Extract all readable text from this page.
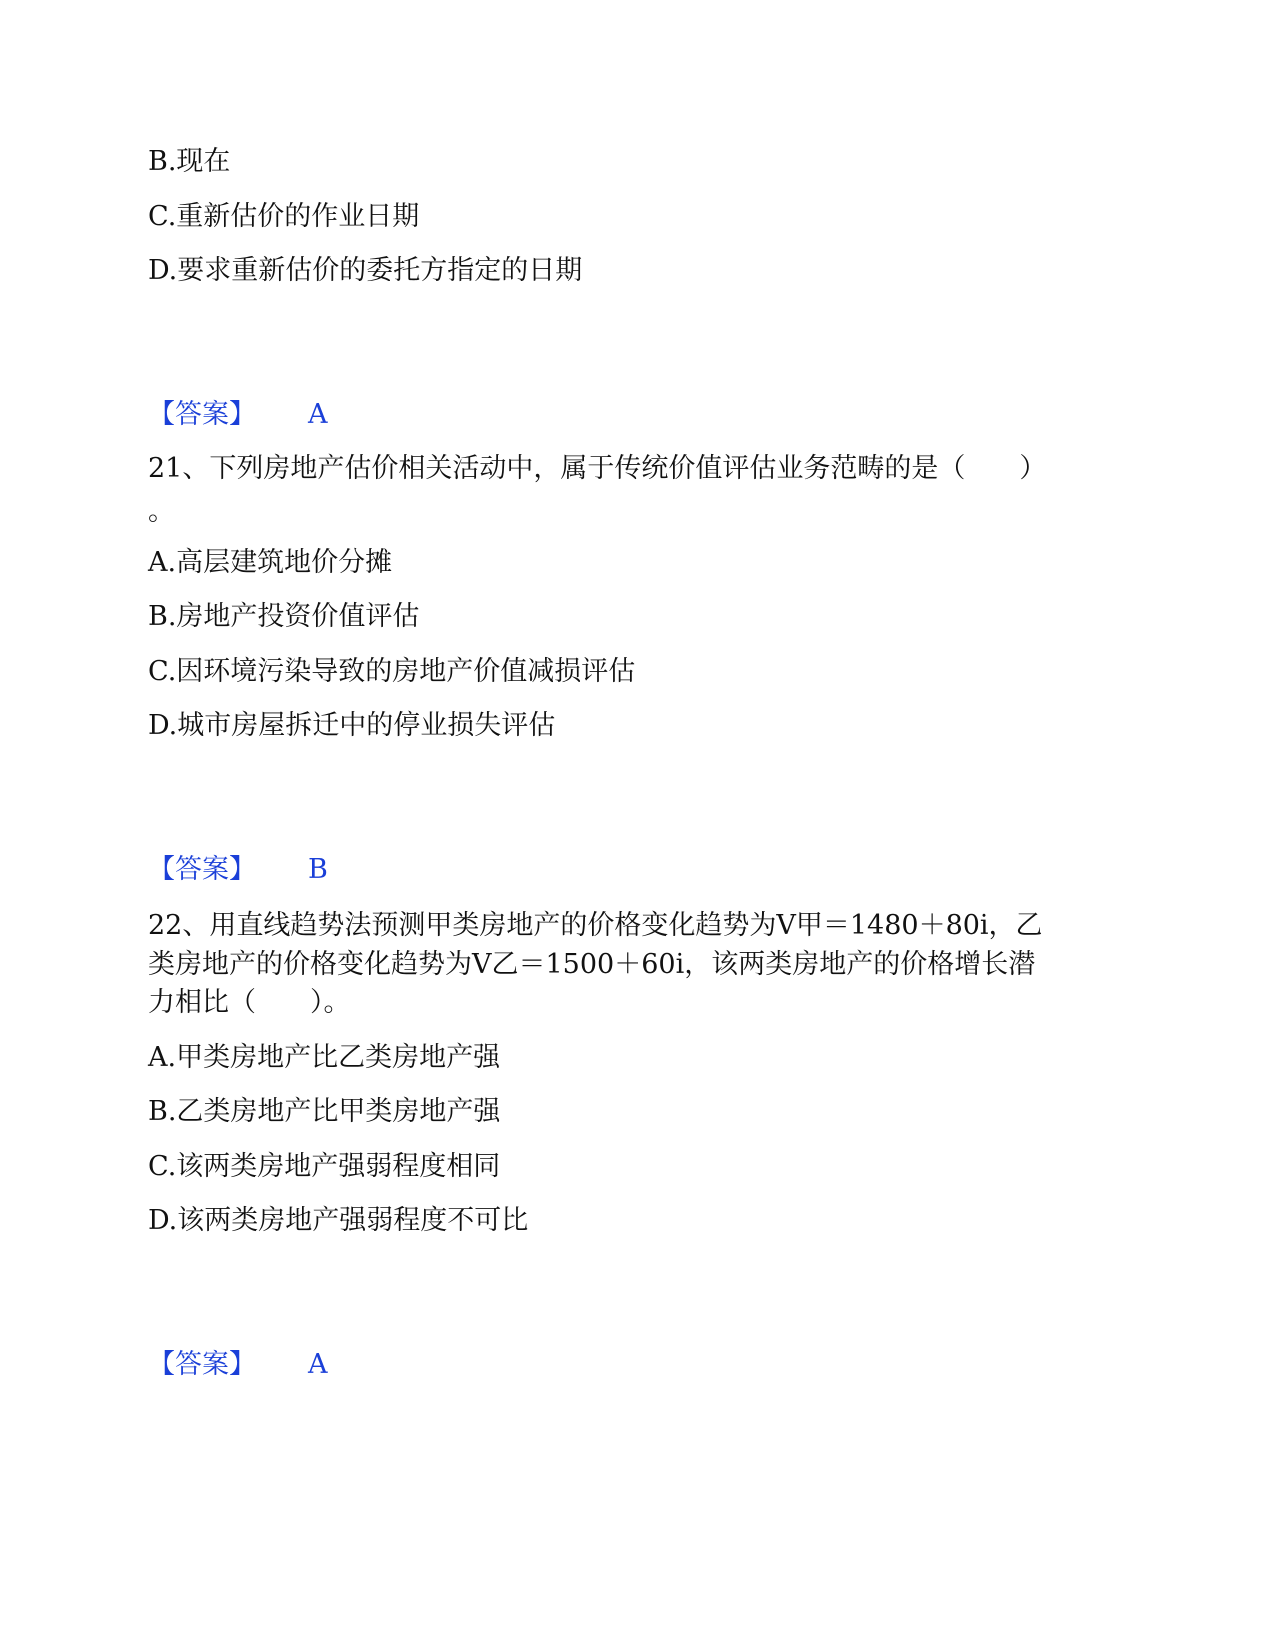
B.现在
C.重新估价的作业日期
D.要求重新估价的委托方指定的日期
【答案】 A
21、下列房地产估价相关活动中，属于传统价值评估业务范畴的是（　　）
。
A.高层建筑地价分摊
B.房地产投资价值评估
C.因环境污染导致的房地产价值减损评估
D.城市房屋拆迁中的停业损失评估
【答案】 B
22、用直线趋势法预测甲类房地产的价格变化趋势为V甲＝1480＋80i，乙
类房地产的价格变化趋势为V乙＝1500＋60i，该两类房地产的价格增长潜
力相比（　　）。
A.甲类房地产比乙类房地产强
B.乙类房地产比甲类房地产强
C.该两类房地产强弱程度相同
D.该两类房地产强弱程度不可比
【答案】 A
